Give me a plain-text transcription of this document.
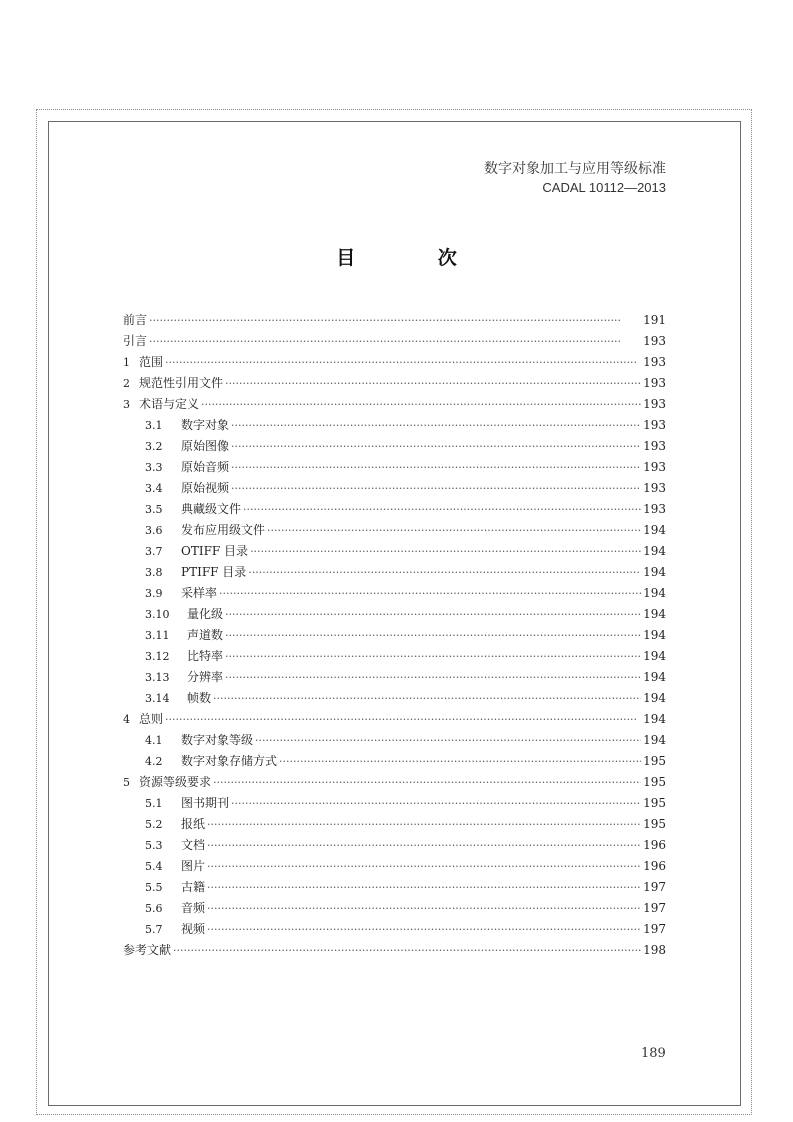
数字对象加工与应用等级标准
CADAL 10112—2013
目 次
前言 ·····	191
引言 ·····	193
1 范围 ·····	193
2 规范性引用文件 ·····	193
3 术语与定义 ·····	193
3.1	数字对象 ·····	193
3.2	原始图像 ·····	193
3.3	原始音频 ·····	193
3.4	原始视频 ·····	193
3.5	典藏级文件 ·····	193
3.6	发布应用级文件 ·····	194
3.7	OTIFF 目录 ·····	194
3.8	PTIFF 目录 ·····	194
3.9	采样率 ·····	194
3.10	量化级 ·····	194
3.11	声道数 ·····	194
3.12	比特率 ·····	194
3.13	分辨率 ·····	194
3.14	帧数 ·····	194
4 总则 ·····	194
4.1	数字对象等级 ·····	194
4.2	数字对象存储方式 ·····	195
5 资源等级要求 ·····	195
5.1	图书期刊 ·····	195
5.2	报纸 ·····	195
5.3	文档 ·····	196
5.4	图片 ·····	196
5.5	古籍 ·····	197
5.6	音频 ·····	197
5.7	视频 ·····	197
参考文献 ·····	198
189
